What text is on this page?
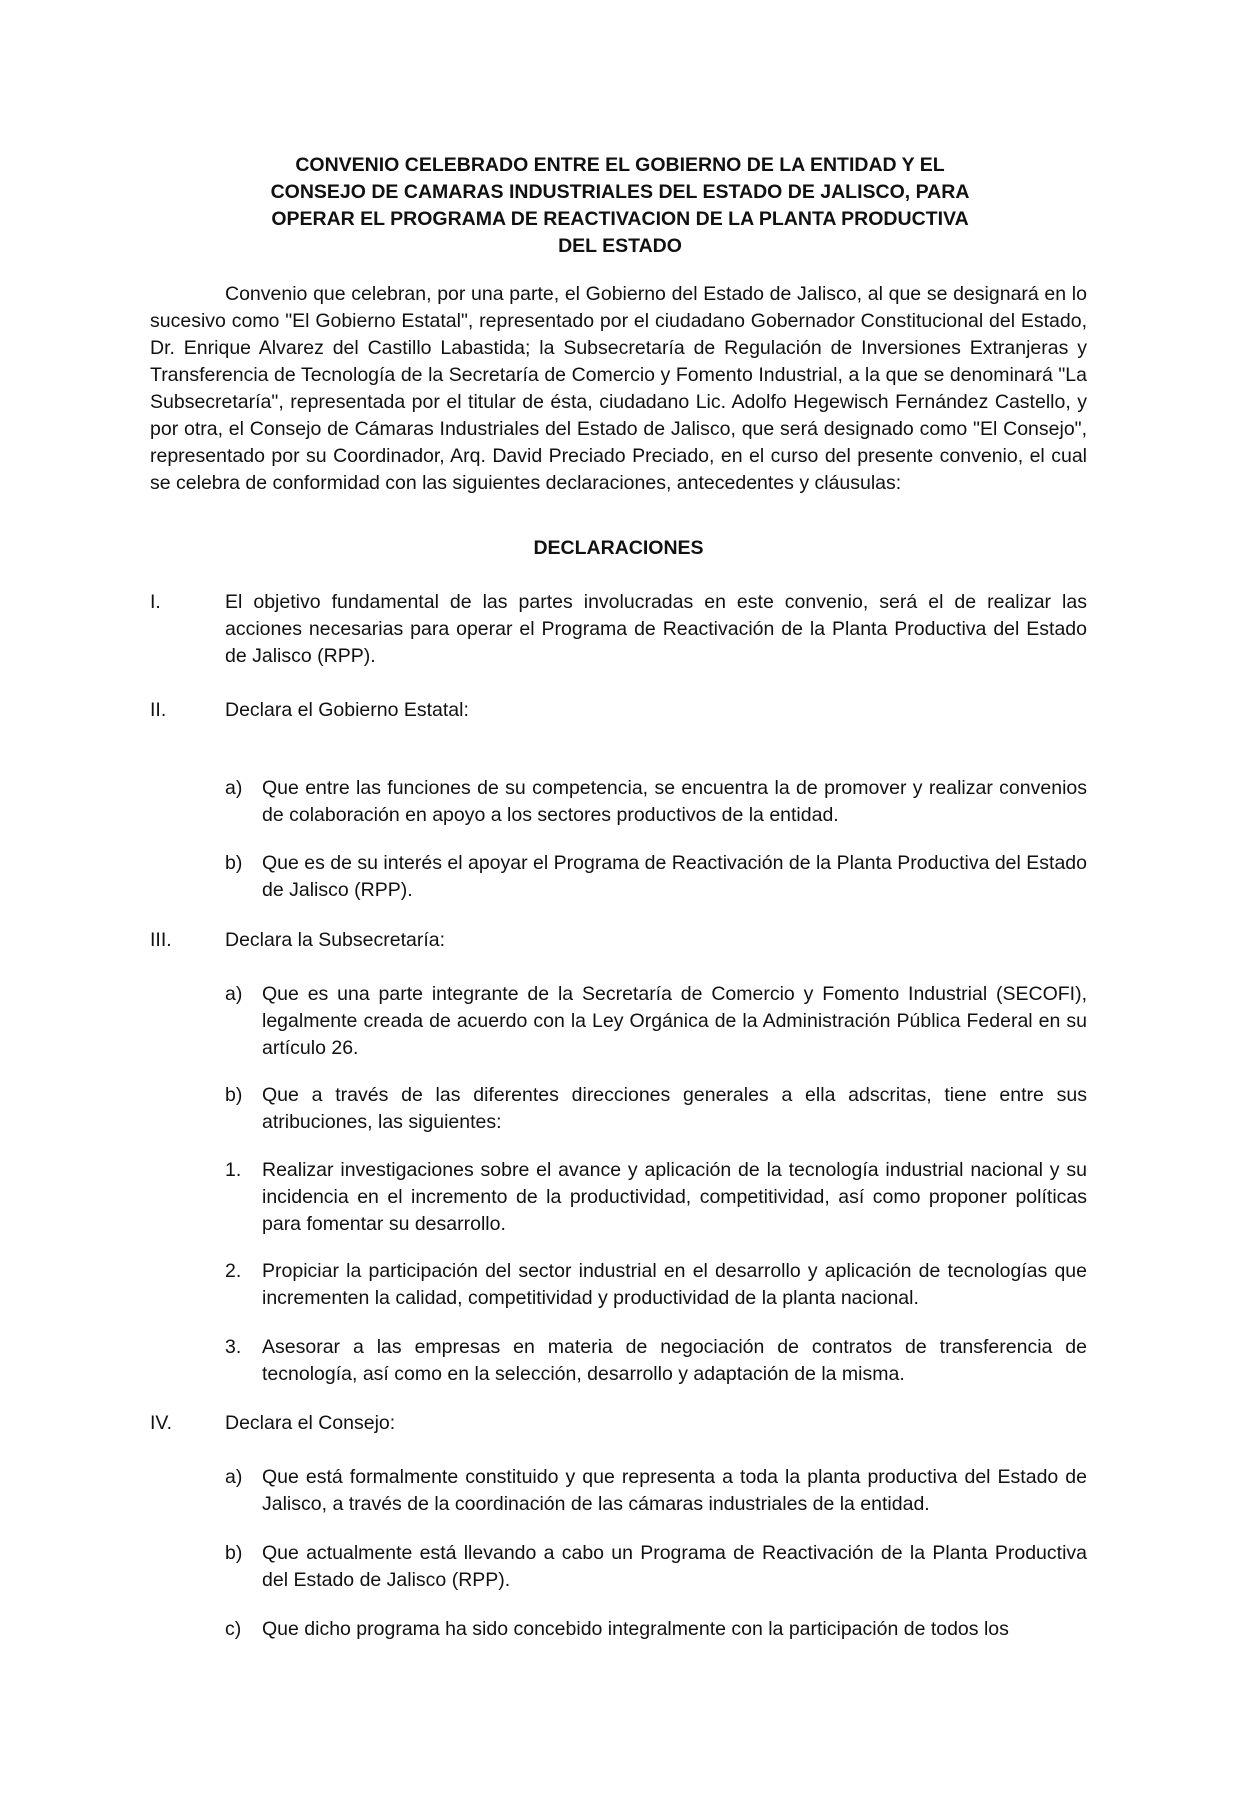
CONVENIO CELEBRADO ENTRE EL GOBIERNO DE LA ENTIDAD Y EL
CONSEJO DE CAMARAS INDUSTRIALES DEL ESTADO DE JALISCO, PARA
OPERAR EL PROGRAMA DE REACTIVACION DE LA PLANTA PRODUCTIVA
DEL ESTADO
Convenio que celebran, por una parte, el Gobierno del Estado de Jalisco, al que se designará en lo sucesivo como "El Gobierno Estatal", representado por el ciudadano Gobernador Constitucional del Estado, Dr. Enrique Alvarez del Castillo Labastida; la Subsecretaría de Regulación de Inversiones Extranjeras y Transferencia de Tecnología de la Secretaría de Comercio y Fomento Industrial, a la que se denominará "La Subsecretaría", representada por el titular de ésta, ciudadano Lic. Adolfo Hegewisch Fernández Castello, y por otra, el Consejo de Cámaras Industriales del Estado de Jalisco, que será designado como "El Consejo", representado por su Coordinador, Arq. David Preciado Preciado, en el curso del presente convenio, el cual se celebra de conformidad con las siguientes declaraciones, antecedentes y cláusulas:
DECLARACIONES
I.	El objetivo fundamental de las partes involucradas en este convenio, será el de realizar las acciones necesarias para operar el Programa de Reactivación de la Planta Productiva del Estado de Jalisco (RPP).
II.	Declara el Gobierno Estatal:
a)	Que entre las funciones de su competencia, se encuentra la de promover y realizar convenios de colaboración en apoyo a los sectores productivos de la entidad.
b)	Que es de su interés el apoyar el Programa de Reactivación de la Planta Productiva del Estado de Jalisco (RPP).
III.	Declara la Subsecretaría:
a)	Que es una parte integrante de la Secretaría de Comercio y Fomento Industrial (SECOFI), legalmente creada de acuerdo con la Ley Orgánica de la Administración Pública Federal en su artículo 26.
b)	Que a través de las diferentes direcciones generales a ella adscritas, tiene entre sus atribuciones, las siguientes:
1.	Realizar investigaciones sobre el avance y aplicación de la tecnología industrial nacional y su incidencia en el incremento de la productividad, competitividad, así como proponer políticas para fomentar su desarrollo.
2.	Propiciar la participación del sector industrial en el desarrollo y aplicación de tecnologías que incrementen la calidad, competitividad y productividad de la planta nacional.
3.	Asesorar a las empresas en materia de negociación de contratos de transferencia de tecnología, así como en la selección, desarrollo y adaptación de la misma.
IV.	Declara el Consejo:
a)	Que está formalmente constituido y que representa a toda la planta productiva del Estado de Jalisco, a través de la coordinación de las cámaras industriales de la entidad.
b)	Que actualmente está llevando a cabo un Programa de Reactivación de la Planta Productiva del Estado de Jalisco (RPP).
c)	Que dicho programa ha sido concebido integralmente con la participación de todos los
